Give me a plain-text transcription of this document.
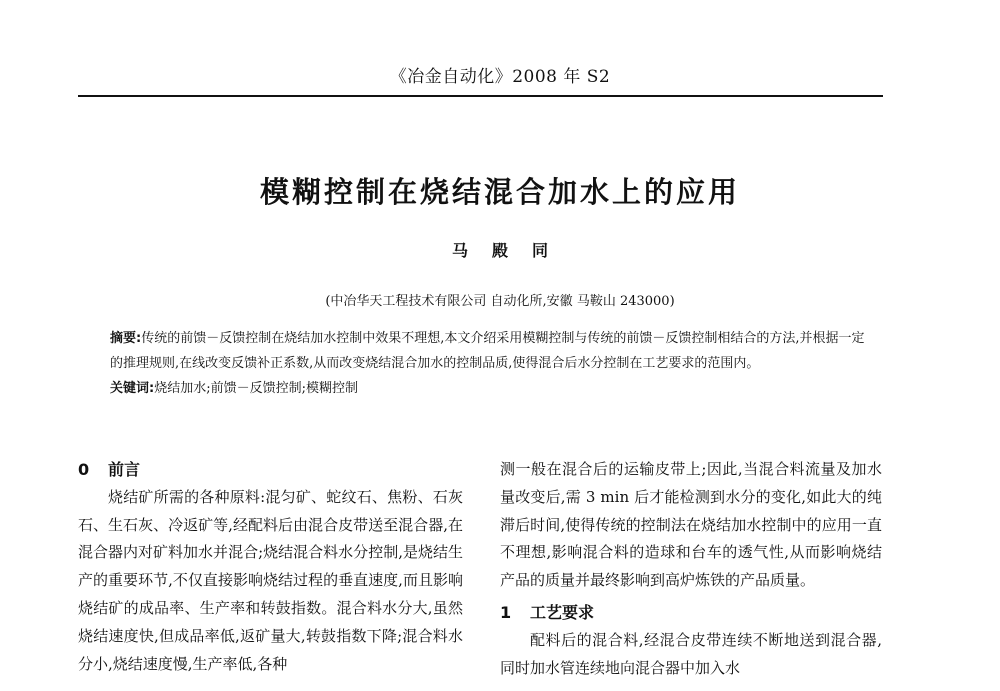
《冶金自动化》2008 年 S2
模糊控制在烧结混合加水上的应用
马殿同
(中冶华天工程技术有限公司 自动化所,安徽 马鞍山 243000)

摘要:传统的前馈－反馈控制在烧结加水控制中效果不理想,本文介绍采用模糊控制与传统的前馈－反馈控制相结合的方法,并根据一定的推理规则,在线改变反馈补正系数,从而改变烧结混合加水的控制品质,使得混合后水分控制在工艺要求的范围内。

关键词:烧结加水;前馈－反馈控制;模糊控制

0 前言

烧结矿所需的各种原料:混匀矿、蛇纹石、焦粉、石灰石、生石灰、冷返矿等,经配料后由混合皮带送至混合器,在混合器内对矿料加水并混合;烧结混合料水分控制,是烧结生产的重要环节,不仅直接影响烧结过程的垂直速度,而且影响烧结矿的成品率、生产率和转鼓指数。混合料水分大,虽然烧结速度快,但成品率低,返矿量大,转鼓指数下降;混合料水分小,烧结速度慢,生产率低,各种

测一般在混合后的运输皮带上;因此,当混合料流量及加水量改变后,需 3 min 后才能检测到水分的变化,如此大的纯滞后时间,使得传统的控制法在烧结加水控制中的应用一直不理想,影响混合料的造球和台车的透气性,从而影响烧结产品的质量并最终影响到高炉炼铁的产品质量。

1 工艺要求

配料后的混合料,经混合皮带连续不断地送到混合器,同时加水管连续地向混合器中加入水
